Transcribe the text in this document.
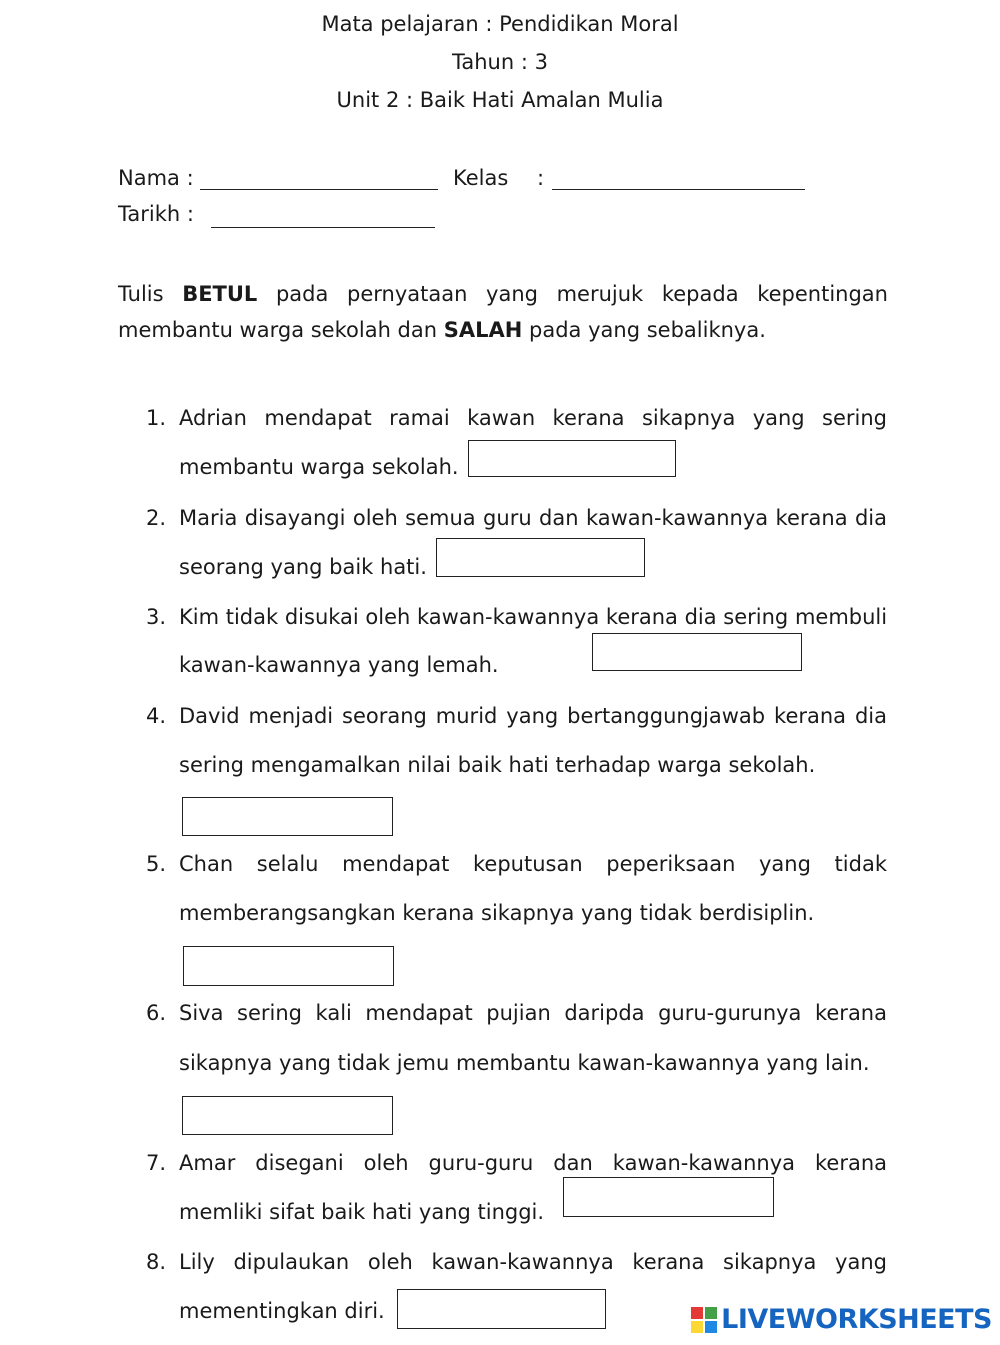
Mata pelajaran : Pendidikan Moral
Tahun : 3
Unit 2 : Baik Hati Amalan Mulia
Nama :	Kelas :
Tarikh :
Tulis BETUL pada pernyataan yang merujuk kepada kepentingan
membantu warga sekolah dan SALAH pada yang sebaliknya.
1. Adrian mendapat ramai kawan kerana sikapnya yang sering
membantu warga sekolah.
2. Maria disayangi oleh semua guru dan kawan-kawannya kerana dia
seorang yang baik hati.
3. Kim tidak disukai oleh kawan-kawannya kerana dia sering membuli
kawan-kawannya yang lemah.
4. David menjadi seorang murid yang bertanggungjawab kerana dia
sering mengamalkan nilai baik hati terhadap warga sekolah.
5. Chan selalu mendapat keputusan peperiksaan yang tidak
memberangsangkan kerana sikapnya yang tidak berdisiplin.
6. Siva sering kali mendapat pujian daripda guru-gurunya kerana
sikapnya yang tidak jemu membantu kawan-kawannya yang lain.
7. Amar disegani oleh guru-guru dan kawan-kawannya kerana
memliki sifat baik hati yang tinggi.
8. Lily dipulaukan oleh kawan-kawannya kerana sikapnya yang
mementingkan diri.	LIVEWORKSHEETS
